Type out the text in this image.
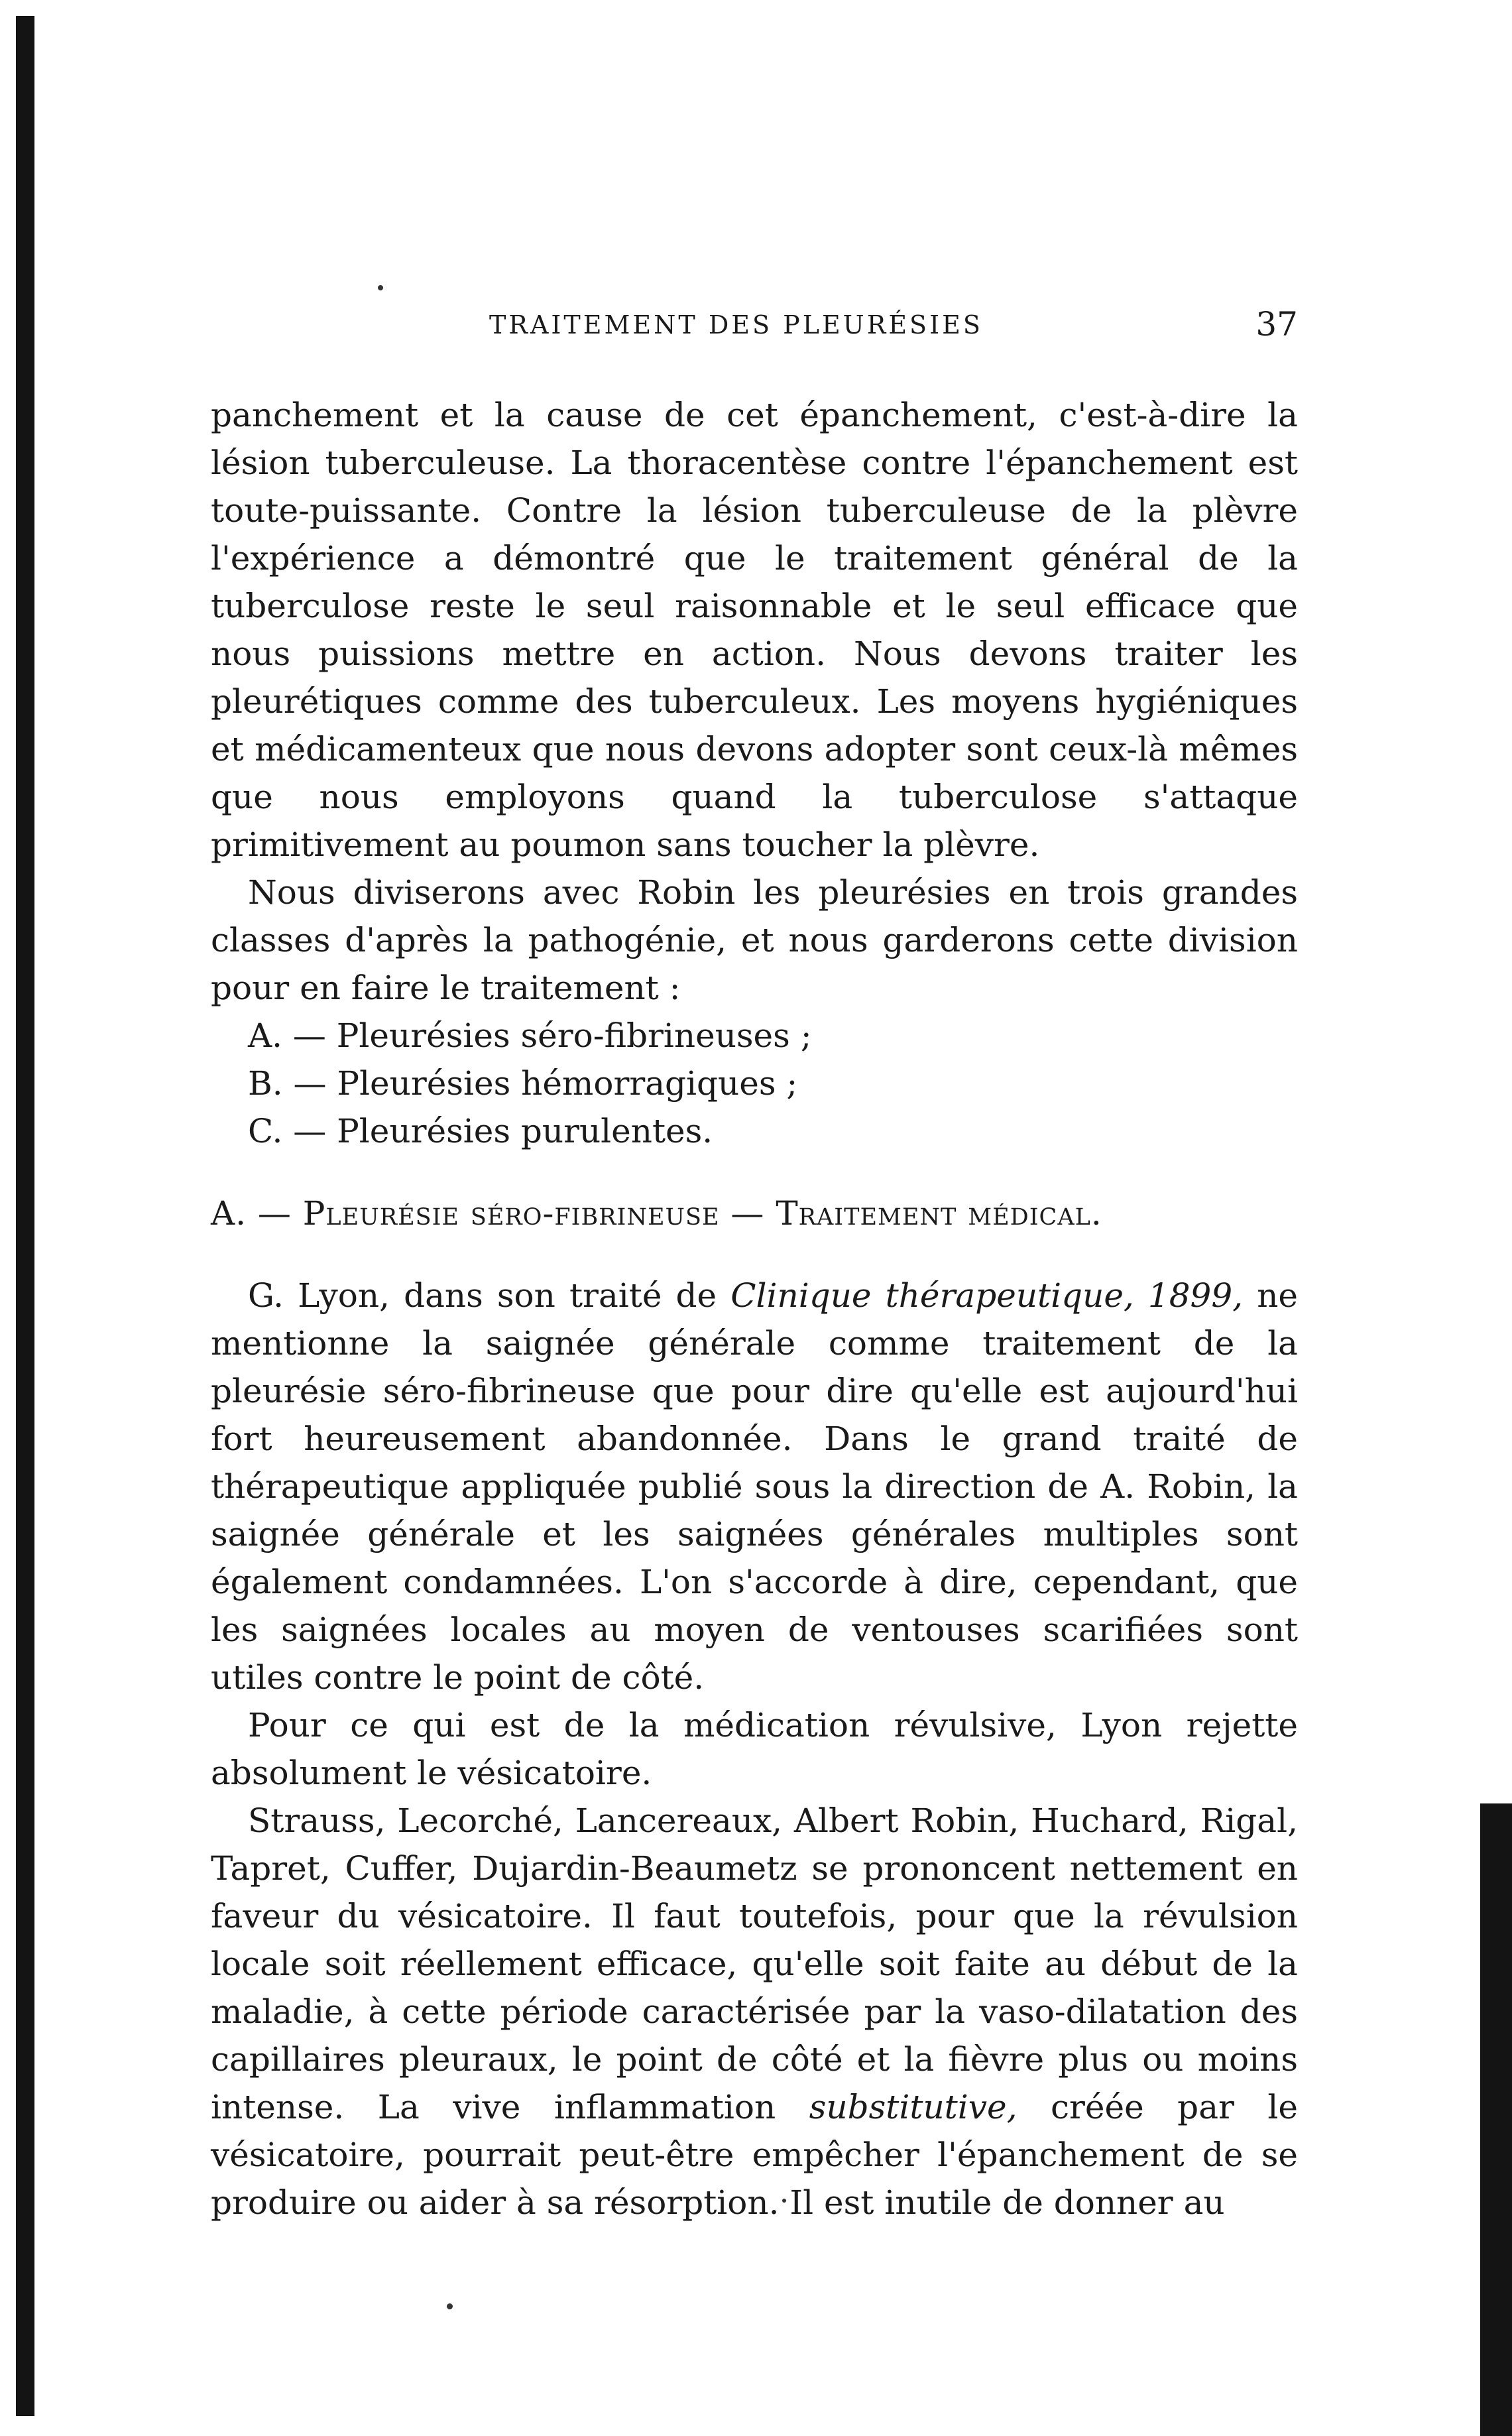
TRAITEMENT DES PLEURÉSIES	37

panchement et la cause de cet épanchement, c'est-à-dire la lésion tuberculeuse. La thoracentèse contre l'épanchement est toute-puissante. Contre la lésion tuberculeuse de la plèvre l'expérience a démontré que le traitement général de la tuberculose reste le seul raisonnable et le seul efficace que nous puissions mettre en action. Nous devons traiter les pleurétiques comme des tuberculeux. Les moyens hygiéniques et médicamenteux que nous devons adopter sont ceux-là mêmes que nous employons quand la tuberculose s'attaque primitivement au poumon sans toucher la plèvre.

Nous diviserons avec Robin les pleurésies en trois grandes classes d'après la pathogénie, et nous garderons cette division pour en faire le traitement :

A. — Pleurésies séro-fibrineuses ;
B. — Pleurésies hémorragiques ;
C. — Pleurésies purulentes.
A. — Pleurésie séro-fibrineuse — Traitement médical.

G. Lyon, dans son traité de Clinique thérapeutique, 1899, ne mentionne la saignée générale comme traitement de la pleurésie séro-fibrineuse que pour dire qu'elle est aujourd'hui fort heureusement abandonnée. Dans le grand traité de thérapeutique appliquée publié sous la direction de A. Robin, la saignée générale et les saignées générales multiples sont également condamnées. L'on s'accorde à dire, cependant, que les saignées locales au moyen de ventouses scarifiées sont utiles contre le point de côté.

Pour ce qui est de la médication révulsive, Lyon rejette absolument le vésicatoire.

Strauss, Lecorché, Lancereaux, Albert Robin, Huchard, Rigal, Tapret, Cuffer, Dujardin-Beaumetz se prononcent nettement en faveur du vésicatoire. Il faut toutefois, pour que la révulsion locale soit réellement efficace, qu'elle soit faite au début de la maladie, à cette période caractérisée par la vaso-dilatation des capillaires pleuraux, le point de côté et la fièvre plus ou moins intense. La vive inflammation substitutive, créée par le vésicatoire, pourrait peut-être empêcher l'épanchement de se produire ou aider à sa résorption. Il est inutile de donner au
